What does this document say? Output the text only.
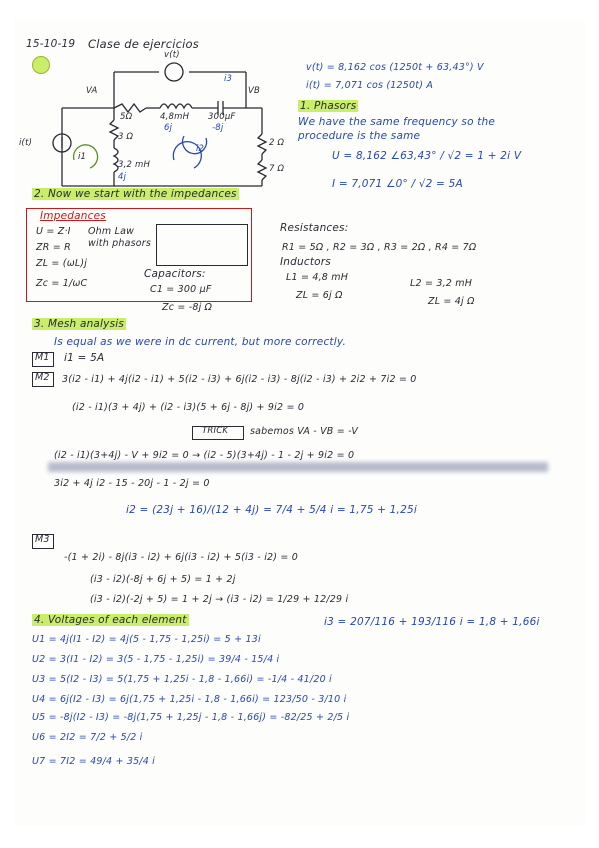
15-10-19 Clase de ejercicios
v(t)
i(t)
VA	VB
5Ω	4,8mH 300μF
6j	-8j
3 Ω
3,2 mH
4j
2 Ω
7 Ω
i3
i2
i1
v(t) = 8,162 cos (1250t + 63,43°) V
i(t) = 7,071 cos (1250t) A
1. Phasors
We have the same frequency so the
procedure is the same
U = 8,162 ∠63,43° / √2 = 1 + 2i V
I = 7,071 ∠0° / √2 = 5A
2. Now we start with the impedances
Impedances
U = Z·I Ohm Law
with phasors
ZR = R
ZL = (ωL)j
Zc = 1/ωC
Resistances:
R1 = 5Ω , R2 = 3Ω , R3 = 2Ω , R4 = 7Ω
Inductors
L1 = 4,8 mH
ZL = 6j Ω
L2 = 3,2 mH
ZL = 4j Ω
Capacitors:
C1 = 300 μF
Zc = -8j Ω
3. Mesh analysis
Is equal as we were in dc current, but more correctly.
M1 i1 = 5A
M2 3(i2 - i1) + 4j(i2 - i1) + 5(i2 - i3) + 6j(i2 - i3) - 8j(i2 - i3) + 2i2 + 7i2 = 0
(i2 - i1)(3 + 4j) + (i2 - i3)(5 + 6j - 8j) + 9i2 = 0
TRICK sabemos VA - VB = -V
(i2 - i1)(3+4j) - V + 9i2 = 0 → (i2 - 5)(3+4j) - 1 - 2j + 9i2 = 0
3i2 + 4j i2 - 15 - 20j - 1 - 2j = 0
i2 = (23j + 16)/(12 + 4j) = 7/4 + 5/4 i = 1,75 + 1,25i
M3
-(1 + 2i) - 8j(i3 - i2) + 6j(i3 - i2) + 5(i3 - i2) = 0
(i3 - i2)(-8j + 6j + 5) = 1 + 2j
(i3 - i2)(-2j + 5) = 1 + 2j → (i3 - i2) = 1/29 + 12/29 i
i3 = 207/116 + 193/116 i = 1,8 + 1,66i
4. Voltages of each element
U1 = 4j(I1 - I2) = 4j(5 - 1,75 - 1,25i) = 5 + 13i
U2 = 3(I1 - I2) = 3(5 - 1,75 - 1,25i) = 39/4 - 15/4 i
U3 = 5(I2 - I3) = 5(1,75 + 1,25i - 1,8 - 1,66i) = -1/4 - 41/20 i
U4 = 6j(I2 - I3) = 6j(1,75 + 1,25i - 1,8 - 1,66i) = 123/50 - 3/10 i
U5 = -8j(I2 - I3) = -8j(1,75 + 1,25j - 1,8 - 1,66j) = -82/25 + 2/5 i
U6 = 2I2 = 7/2 + 5/2 i
U7 = 7I2 = 49/4 + 35/4 i
